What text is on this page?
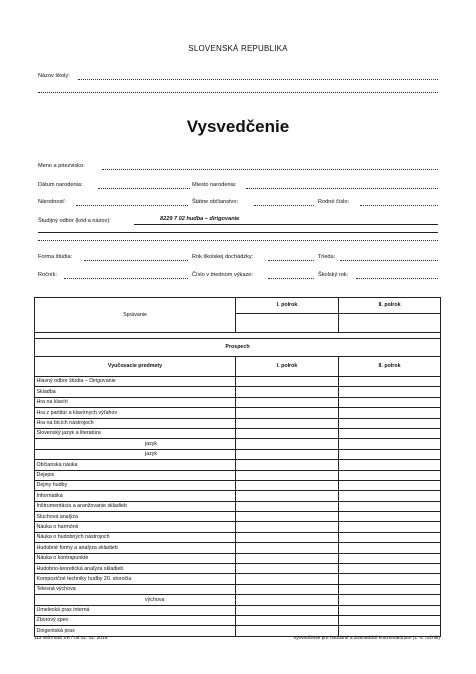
SLOVENSKÁ REPUBLIKA
Názov školy:
Vysvedčenie
Meno a priezvisko:
Dátum narodenia:	Miesto narodenia:
Národnosť:	Štátne občianstvo:	Rodné číslo:
Študijný odbor (kód a názov):	8229 7 02 hudba – dirigovanie
Forma štúdia:	Rok školskej dochádzky:	Trieda:
Ročník:	Číslo v triednom výkaze:	Školský rok:
Správanie	I. polrok	II. polrok

Prospech		
Vyučovacie predmety	I. polrok	II. polrok
Hlavný odbor štúdia – Dirigovanie		
Skladba		
Hra na klavíri		
Hra z partitúr a klavírnych výťahov		
Hra na bicích nástrojoch		
Slovenský jazyk a literatúra		
jazyk		
jazyk		
Občianska náuka		
Dejepis		
Dejiny hudby		
Informatika		
Inštrumentácia a aranžovanie skladieb		
Sluchová analýza		
Náuka o harmónii		
Náuka o hudobných nástrojoch		
Hudobné formy a analýza skladieb		
Náuka o kontrapunkte		
Hudobno-teoretická analýza skladieb		
Kompozičné techniky hudby 20. storočia		
Telesná výchova		
výchova		
Umelecká prax interná		
Zborový spev		
Dirigentská prax		
112 MŠVVaŠ SR / od 01. 01. 2015	Vysvedčenie pre hudobné a dramatické konzervatórium (1.-4. ročník)
